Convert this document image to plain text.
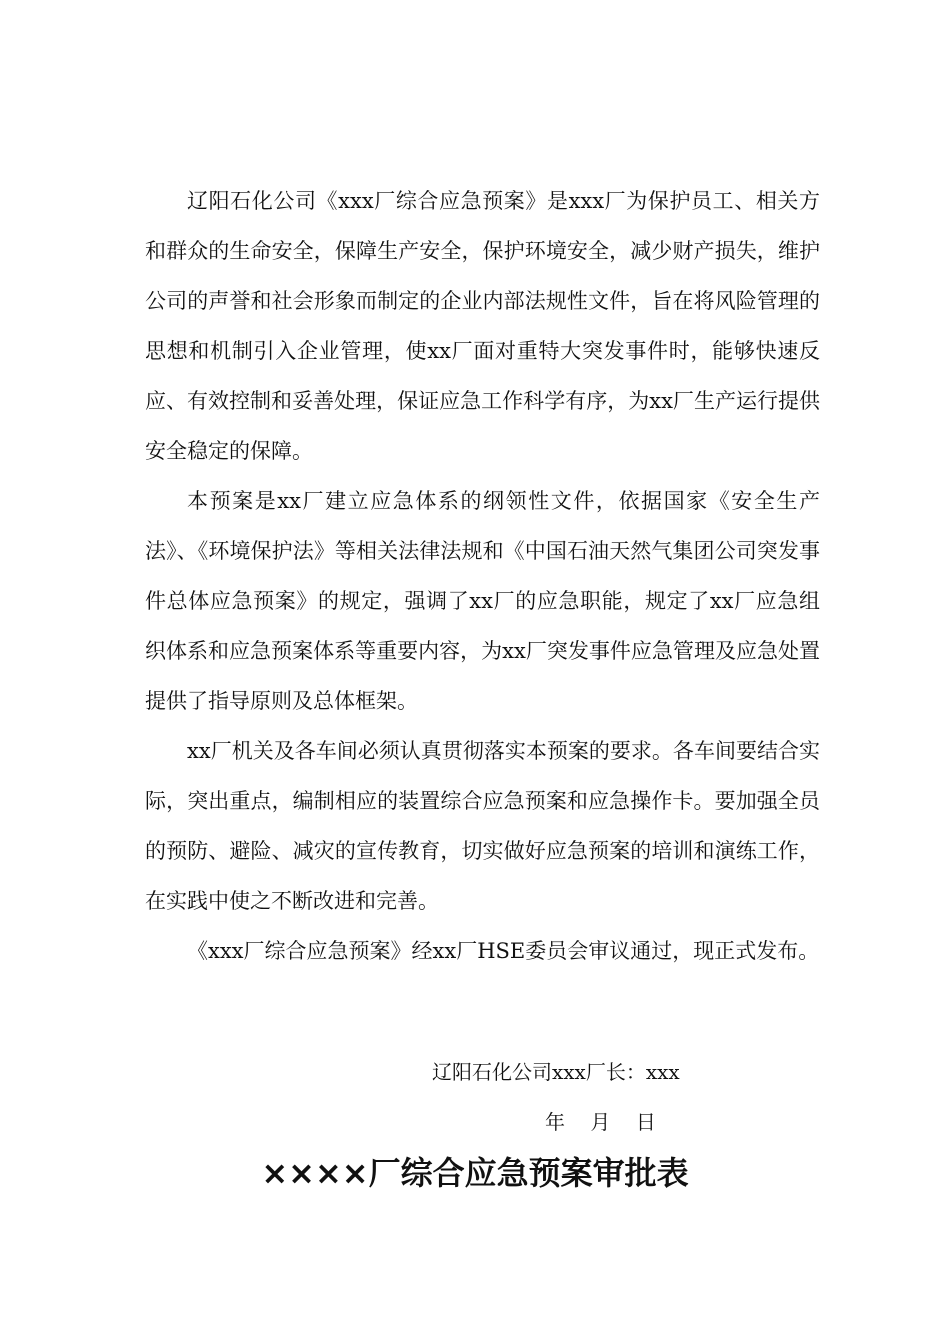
辽阳石化公司《xxx厂综合应急预案》是xxx厂为保护员工、相关方和群众的生命安全，保障生产安全，保护环境安全，减少财产损失，维护公司的声誉和社会形象而制定的企业内部法规性文件，旨在将风险管理的思想和机制引入企业管理，使xx厂面对重特大突发事件时，能够快速反应、有效控制和妥善处理，保证应急工作科学有序，为xx厂生产运行提供安全稳定的保障。

本预案是xx厂建立应急体系的纲领性文件，依据国家《安全生产法》、《环境保护法》等相关法律法规和《中国石油天然气集团公司突发事件总体应急预案》的规定，强调了xx厂的应急职能，规定了xx厂应急组织体系和应急预案体系等重要内容，为xx厂突发事件应急管理及应急处置提供了指导原则及总体框架。

xx厂机关及各车间必须认真贯彻落实本预案的要求。各车间要结合实际，突出重点，编制相应的装置综合应急预案和应急操作卡。要加强全员的预防、避险、减灾的宣传教育，切实做好应急预案的培训和演练工作，在实践中使之不断改进和完善。

《xxx厂综合应急预案》经xx厂HSE委员会审议通过，现正式发布。

辽阳石化公司xxx厂长：xxx
年    月    日
××××厂综合应急预案审批表
